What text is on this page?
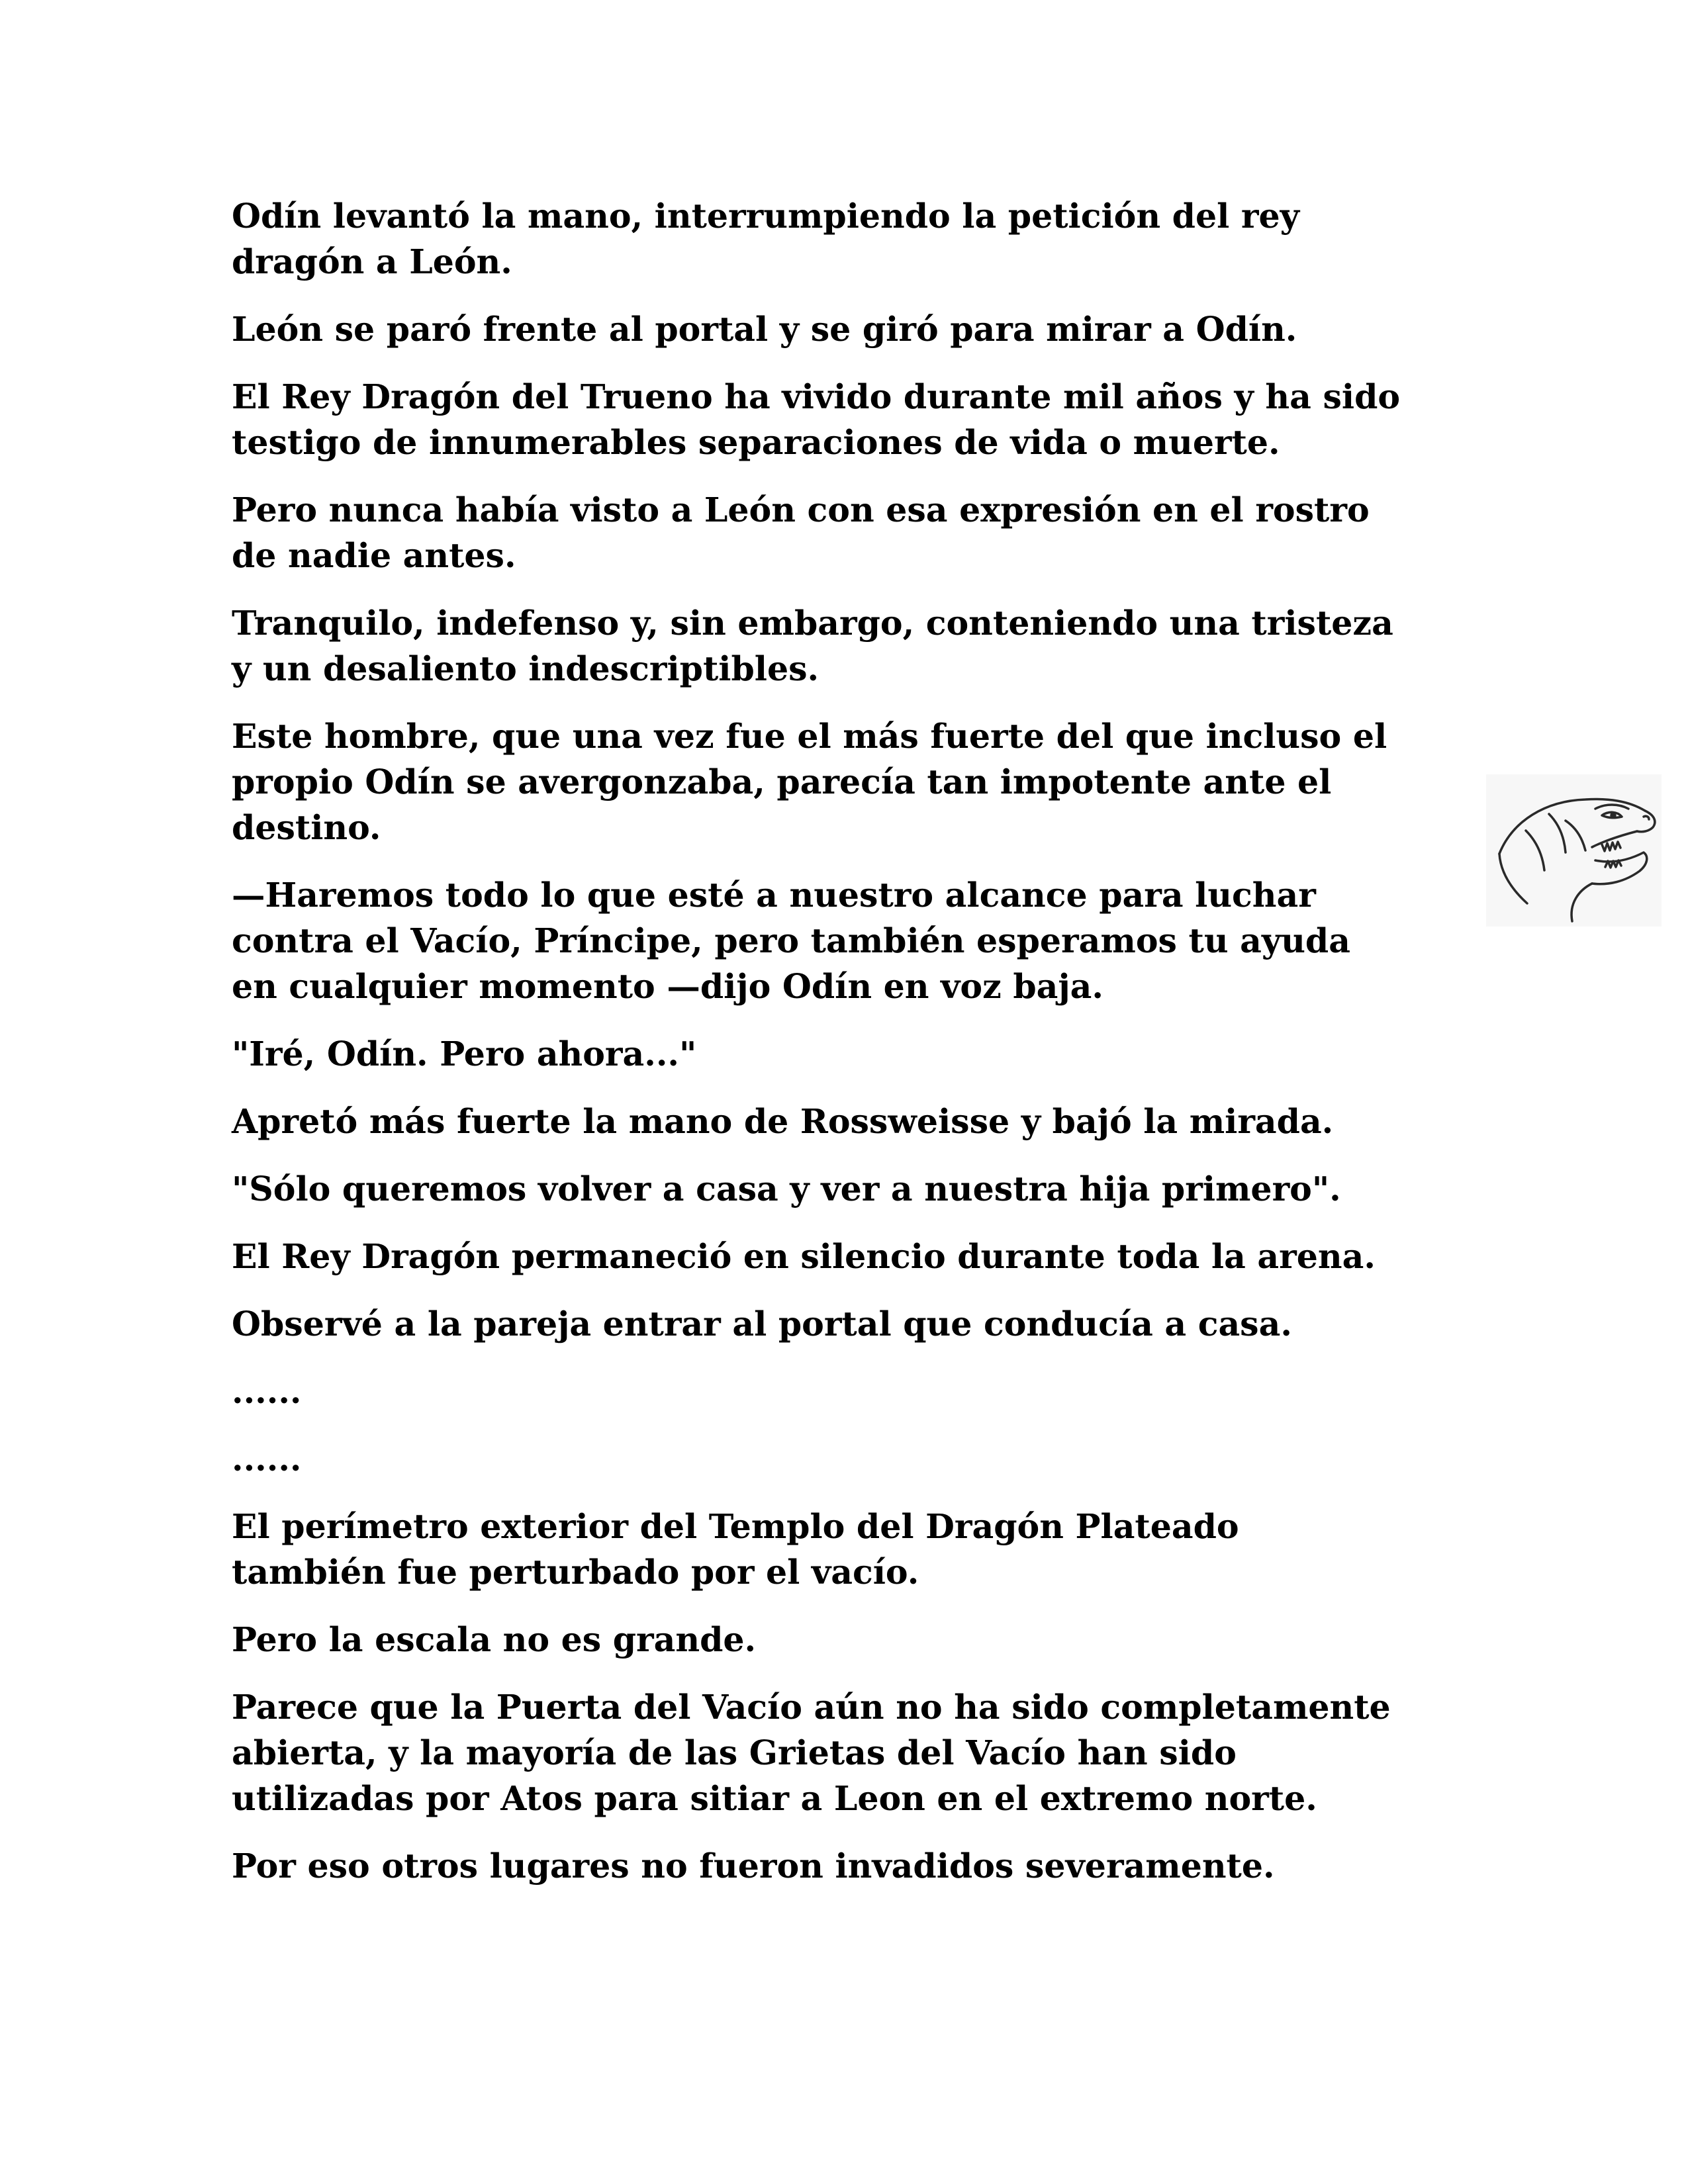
Odín levantó la mano, interrumpiendo la petición del rey
dragón a León.

León se paró frente al portal y se giró para mirar a Odín.

El Rey Dragón del Trueno ha vivido durante mil años y ha sido
testigo de innumerables separaciones de vida o muerte.

Pero nunca había visto a León con esa expresión en el rostro
de nadie antes.

Tranquilo, indefenso y, sin embargo, conteniendo una tristeza
y un desaliento indescriptibles.

Este hombre, que una vez fue el más fuerte del que incluso el
propio Odín se avergonzaba, parecía tan impotente ante el
destino.

—Haremos todo lo que esté a nuestro alcance para luchar
contra el Vacío, Príncipe, pero también esperamos tu ayuda
en cualquier momento —dijo Odín en voz baja.

"Iré, Odín. Pero ahora..."

Apretó más fuerte la mano de Rossweisse y bajó la mirada.

"Sólo queremos volver a casa y ver a nuestra hija primero".

El Rey Dragón permaneció en silencio durante toda la arena.

Observé a la pareja entrar al portal que conducía a casa.

......

......

El perímetro exterior del Templo del Dragón Plateado
también fue perturbado por el vacío.

Pero la escala no es grande.

Parece que la Puerta del Vacío aún no ha sido completamente
abierta, y la mayoría de las Grietas del Vacío han sido
utilizadas por Atos para sitiar a Leon en el extremo norte.

Por eso otros lugares no fueron invadidos severamente.
